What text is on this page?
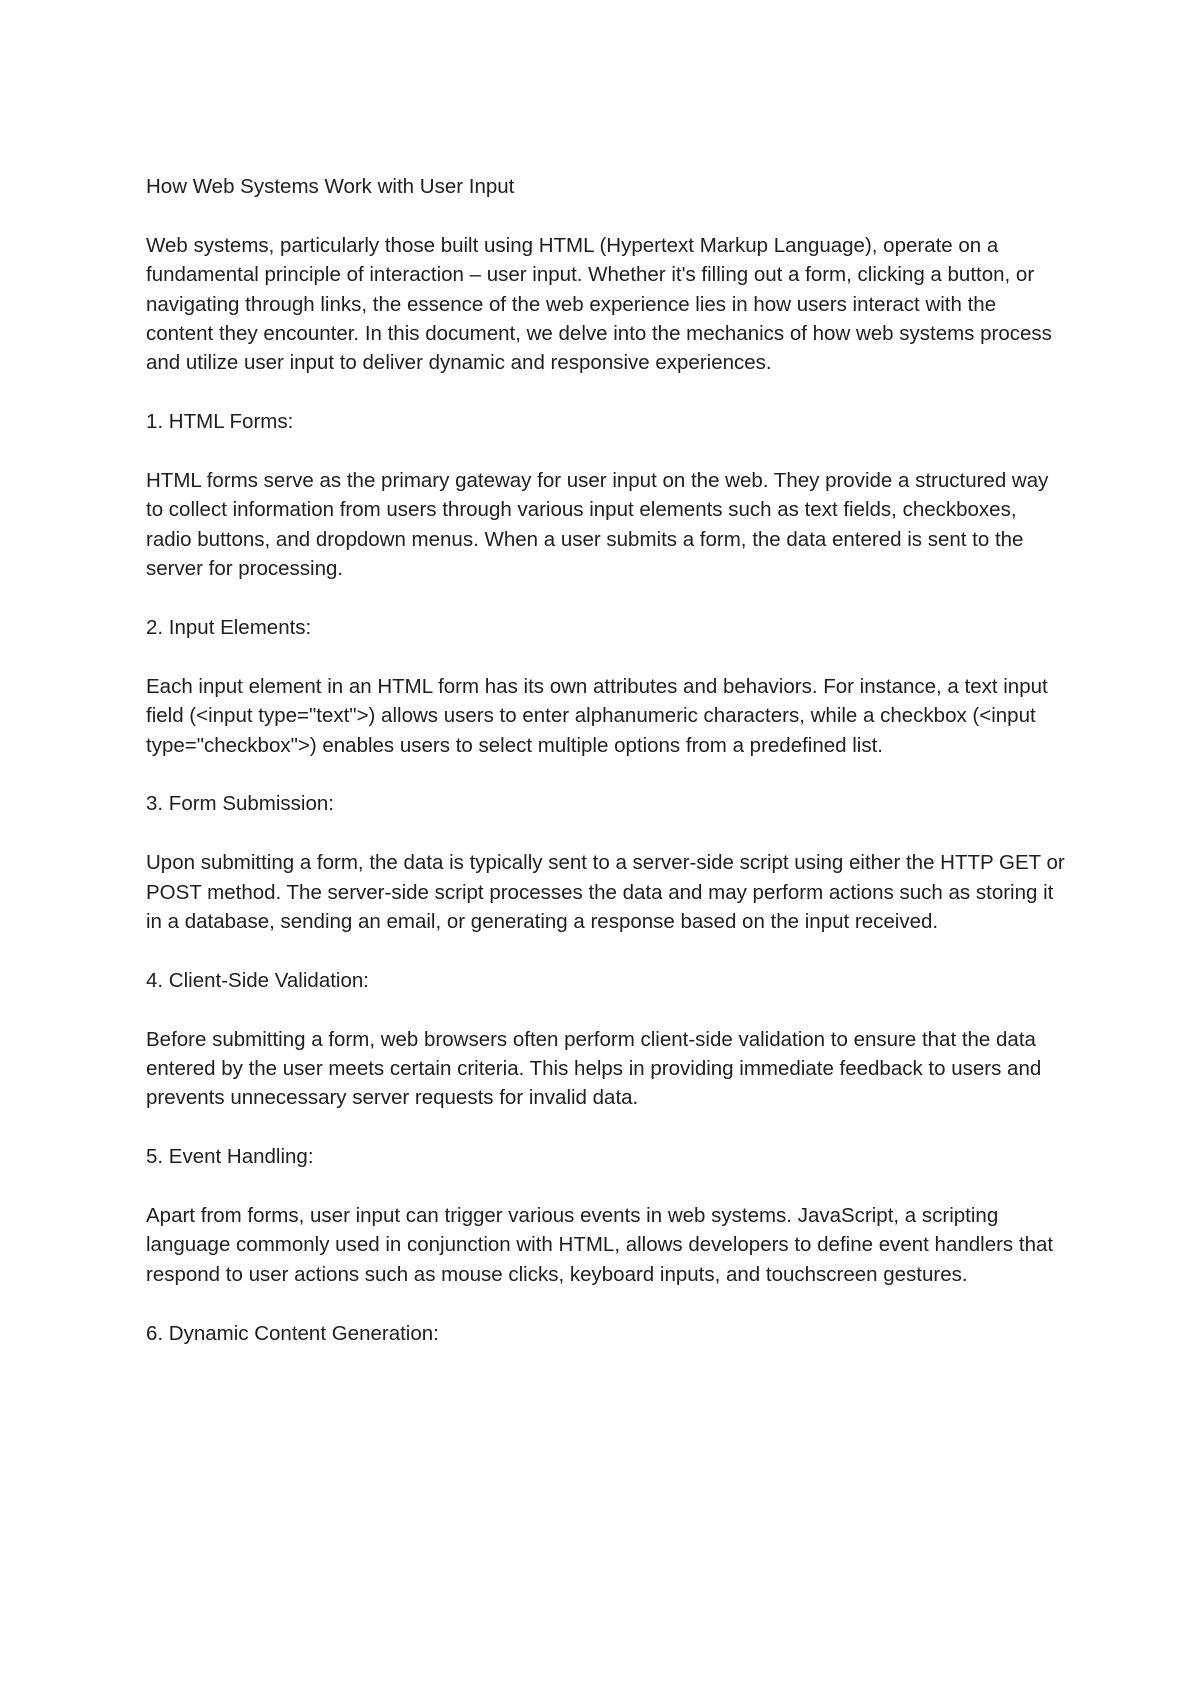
How Web Systems Work with User Input

Web systems, particularly those built using HTML (Hypertext Markup Language), operate on a fundamental principle of interaction – user input. Whether it's filling out a form, clicking a button, or navigating through links, the essence of the web experience lies in how users interact with the content they encounter. In this document, we delve into the mechanics of how web systems process and utilize user input to deliver dynamic and responsive experiences.

1. HTML Forms:

HTML forms serve as the primary gateway for user input on the web. They provide a structured way to collect information from users through various input elements such as text fields, checkboxes, radio buttons, and dropdown menus. When a user submits a form, the data entered is sent to the server for processing.

2. Input Elements:

Each input element in an HTML form has its own attributes and behaviors. For instance, a text input field (<input type="text">) allows users to enter alphanumeric characters, while a checkbox (<input type="checkbox">) enables users to select multiple options from a predefined list.

3. Form Submission:

Upon submitting a form, the data is typically sent to a server-side script using either the HTTP GET or POST method. The server-side script processes the data and may perform actions such as storing it in a database, sending an email, or generating a response based on the input received.

4. Client-Side Validation:

Before submitting a form, web browsers often perform client-side validation to ensure that the data entered by the user meets certain criteria. This helps in providing immediate feedback to users and prevents unnecessary server requests for invalid data.

5. Event Handling:

Apart from forms, user input can trigger various events in web systems. JavaScript, a scripting language commonly used in conjunction with HTML, allows developers to define event handlers that respond to user actions such as mouse clicks, keyboard inputs, and touchscreen gestures.

6. Dynamic Content Generation:
